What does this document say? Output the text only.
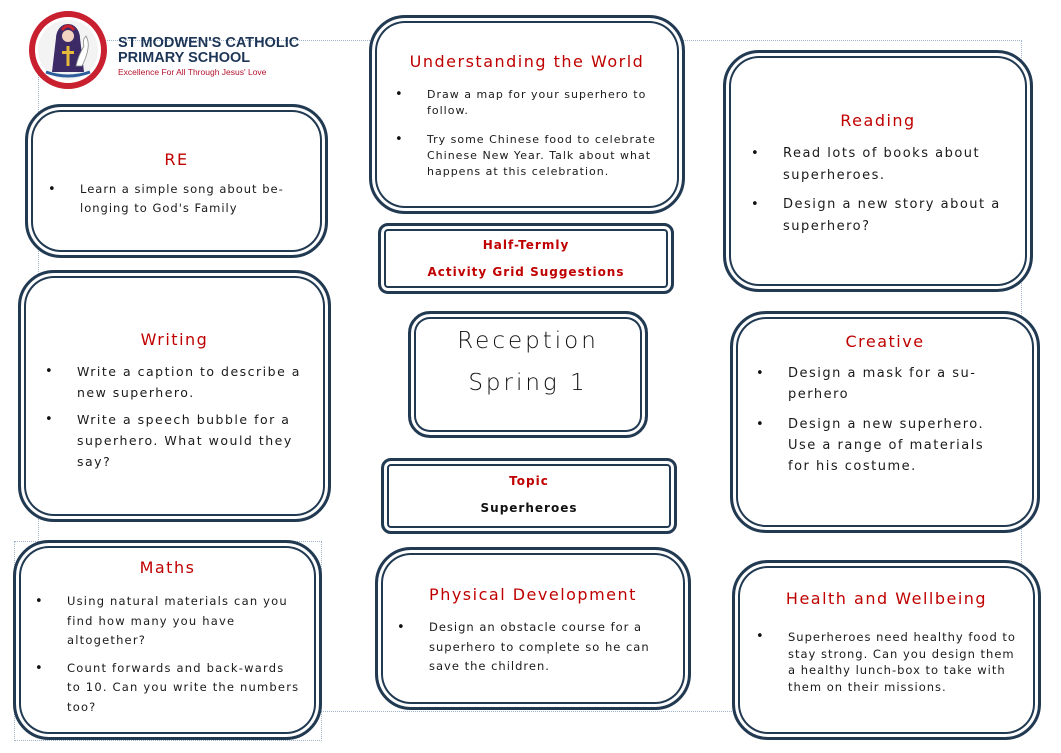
ST MODWEN'S CATHOLIC
PRIMARY SCHOOL
Excellence For All Through Jesus' Love
RE
• Learn a simple song about be-longing to God's Family
Understanding the World
• Draw a map for your superhero to follow.
• Try some Chinese food to celebrate Chinese New Year. Talk about what happens at this celebration.
Reading
• Read lots of books about superheroes.
• Design a new story about a superhero?
Half-Termly
Activity Grid Suggestions
Writing
• Write a caption to describe a new superhero.
• Write a speech bubble for a superhero. What would they say?
Reception
Spring 1
Creative
• Design a mask for a su-perhero
• Design a new superhero. Use a range of materials for his costume.
Topic
Superheroes
Maths
• Using natural materials can you find how many you have altogether?
• Count forwards and back-wards to 10. Can you write the numbers too?
Physical Development
• Design an obstacle course for a superhero to complete so he can save the children.
Health and Wellbeing
• Superheroes need healthy food to stay strong. Can you design them a healthy lunch-box to take with them on their missions.
